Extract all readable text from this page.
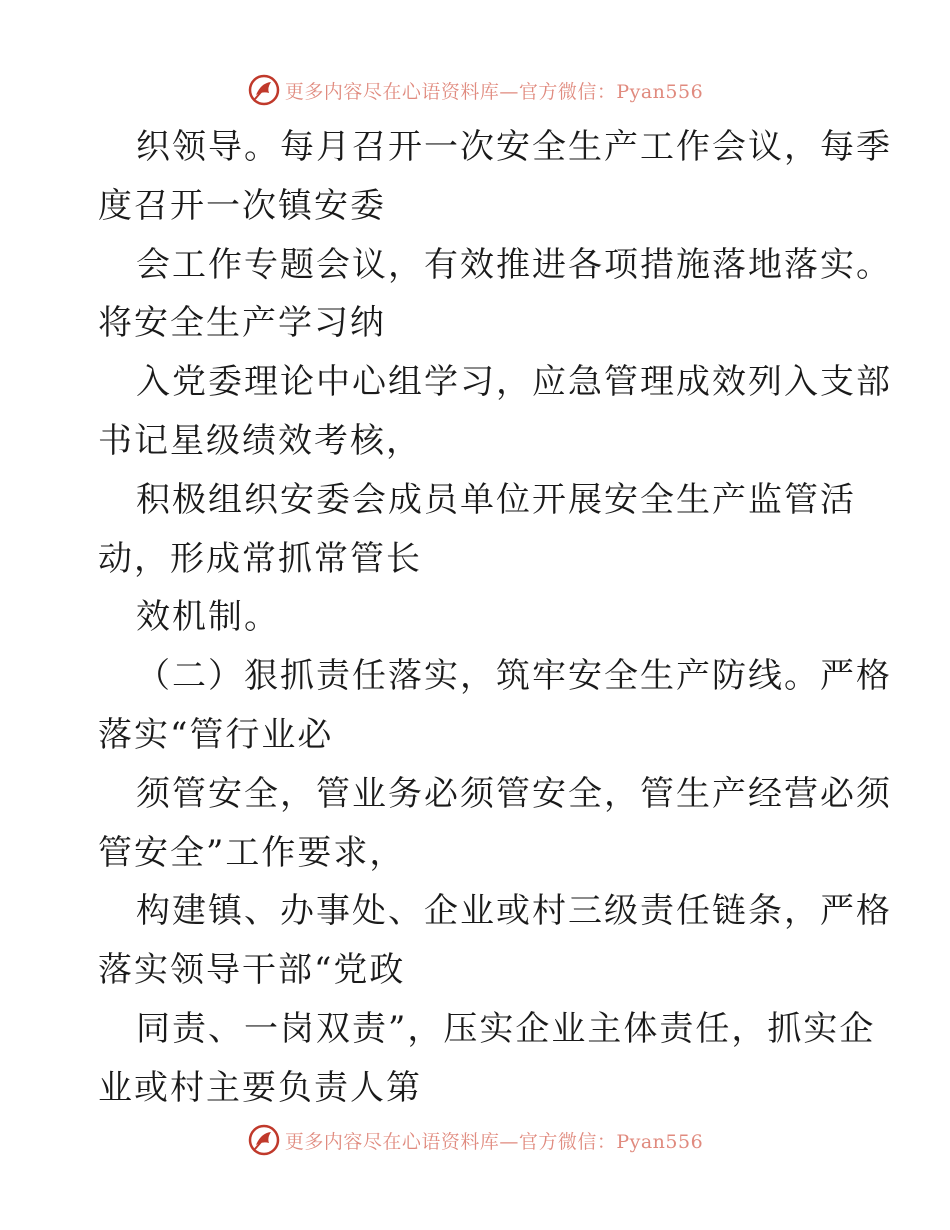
更多内容尽在心语资料库—官方微信：Pyan556
织领导。每月召开一次安全生产工作会议，每季
度召开一次镇安委
会工作专题会议，有效推进各项措施落地落实。
将安全生产学习纳
入党委理论中心组学习，应急管理成效列入支部
书记星级绩效考核，
积极组织安委会成员单位开展安全生产监管活
动，形成常抓常管长
效机制。
（二）狠抓责任落实，筑牢安全生产防线。严格
落实“管行业必
须管安全，管业务必须管安全，管生产经营必须
管安全”工作要求，
构建镇、办事处、企业或村三级责任链条，严格
落实领导干部“党政
同责、一岗双责”，压实企业主体责任，抓实企
业或村主要负责人第
更多内容尽在心语资料库—官方微信：Pyan556
